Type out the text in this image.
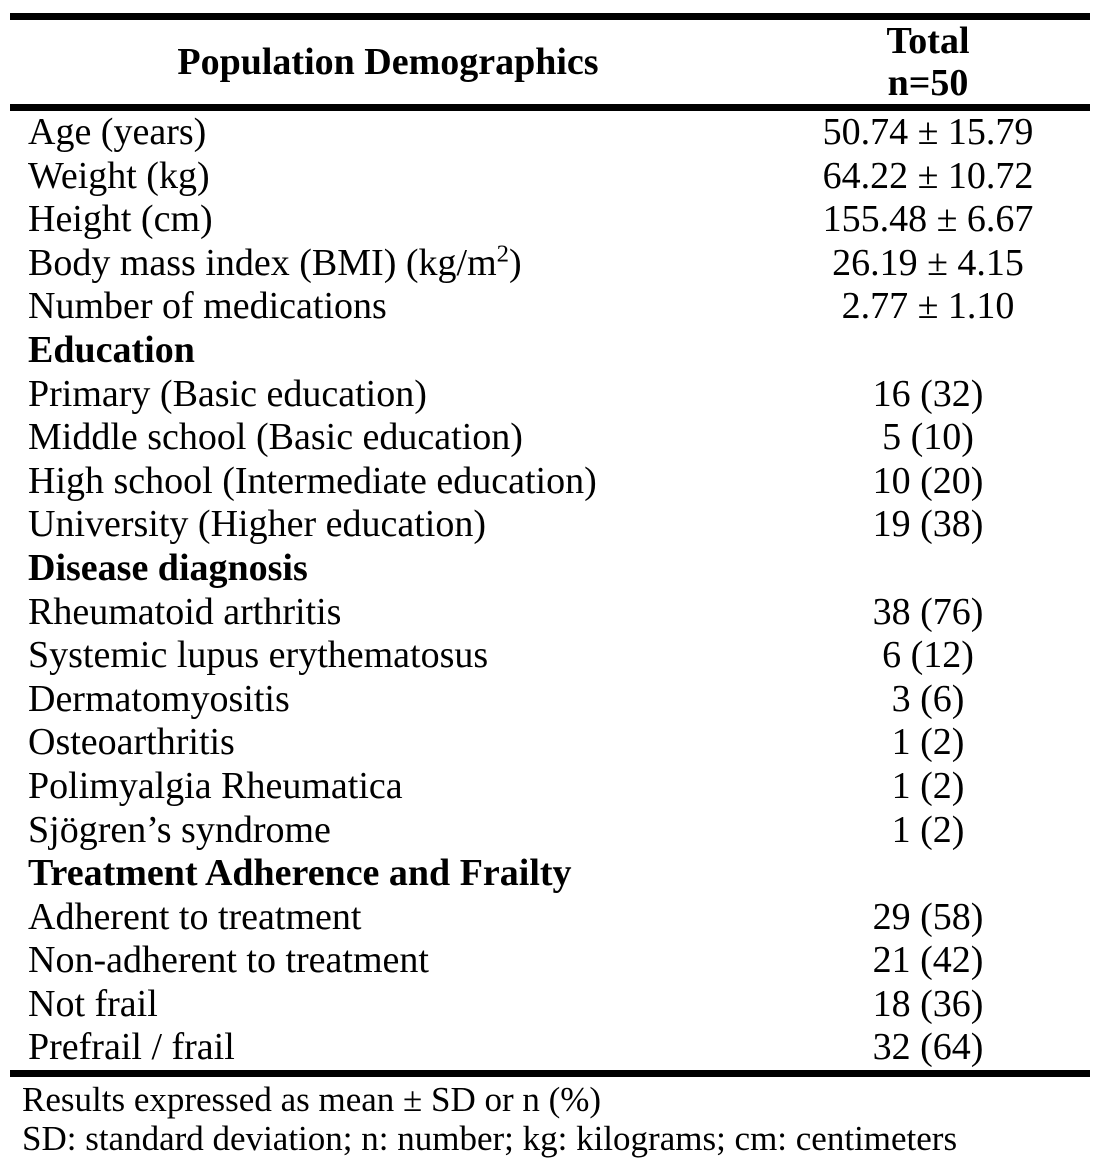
Population Demographics	Total
n=50

Age (years)	50.74 ± 15.79
Weight (kg)	64.22 ± 10.72
Height (cm)	155.48 ± 6.67
Body mass index (BMI) $(kg/m^2)$	26.19 ± 4.15
Number of medications	2.77 ± 1.10
Education	
Primary (Basic education)	16 (32)
Middle school (Basic education)	5 (10)
High school (Intermediate education)	10 (20)
University (Higher education)	19 (38)
Disease diagnosis	
Rheumatoid arthritis	38 (76)
Systemic lupus erythematosus	6 (12)
Dermatomyositis	3 (6)
Osteoarthritis	1 (2)
Polimyalgia Rheumatica	1 (2)
Sjögren’s syndrome	1 (2)
Treatment Adherence and Frailty	
Adherent to treatment	29 (58)
Non-adherent to treatment	21 (42)
Not frail	18 (36)
Prefrail / frail	32 (64)
Results expressed as mean ± SD or n (%)
SD: standard deviation; n: number; kg: kilograms; cm: centimeters
